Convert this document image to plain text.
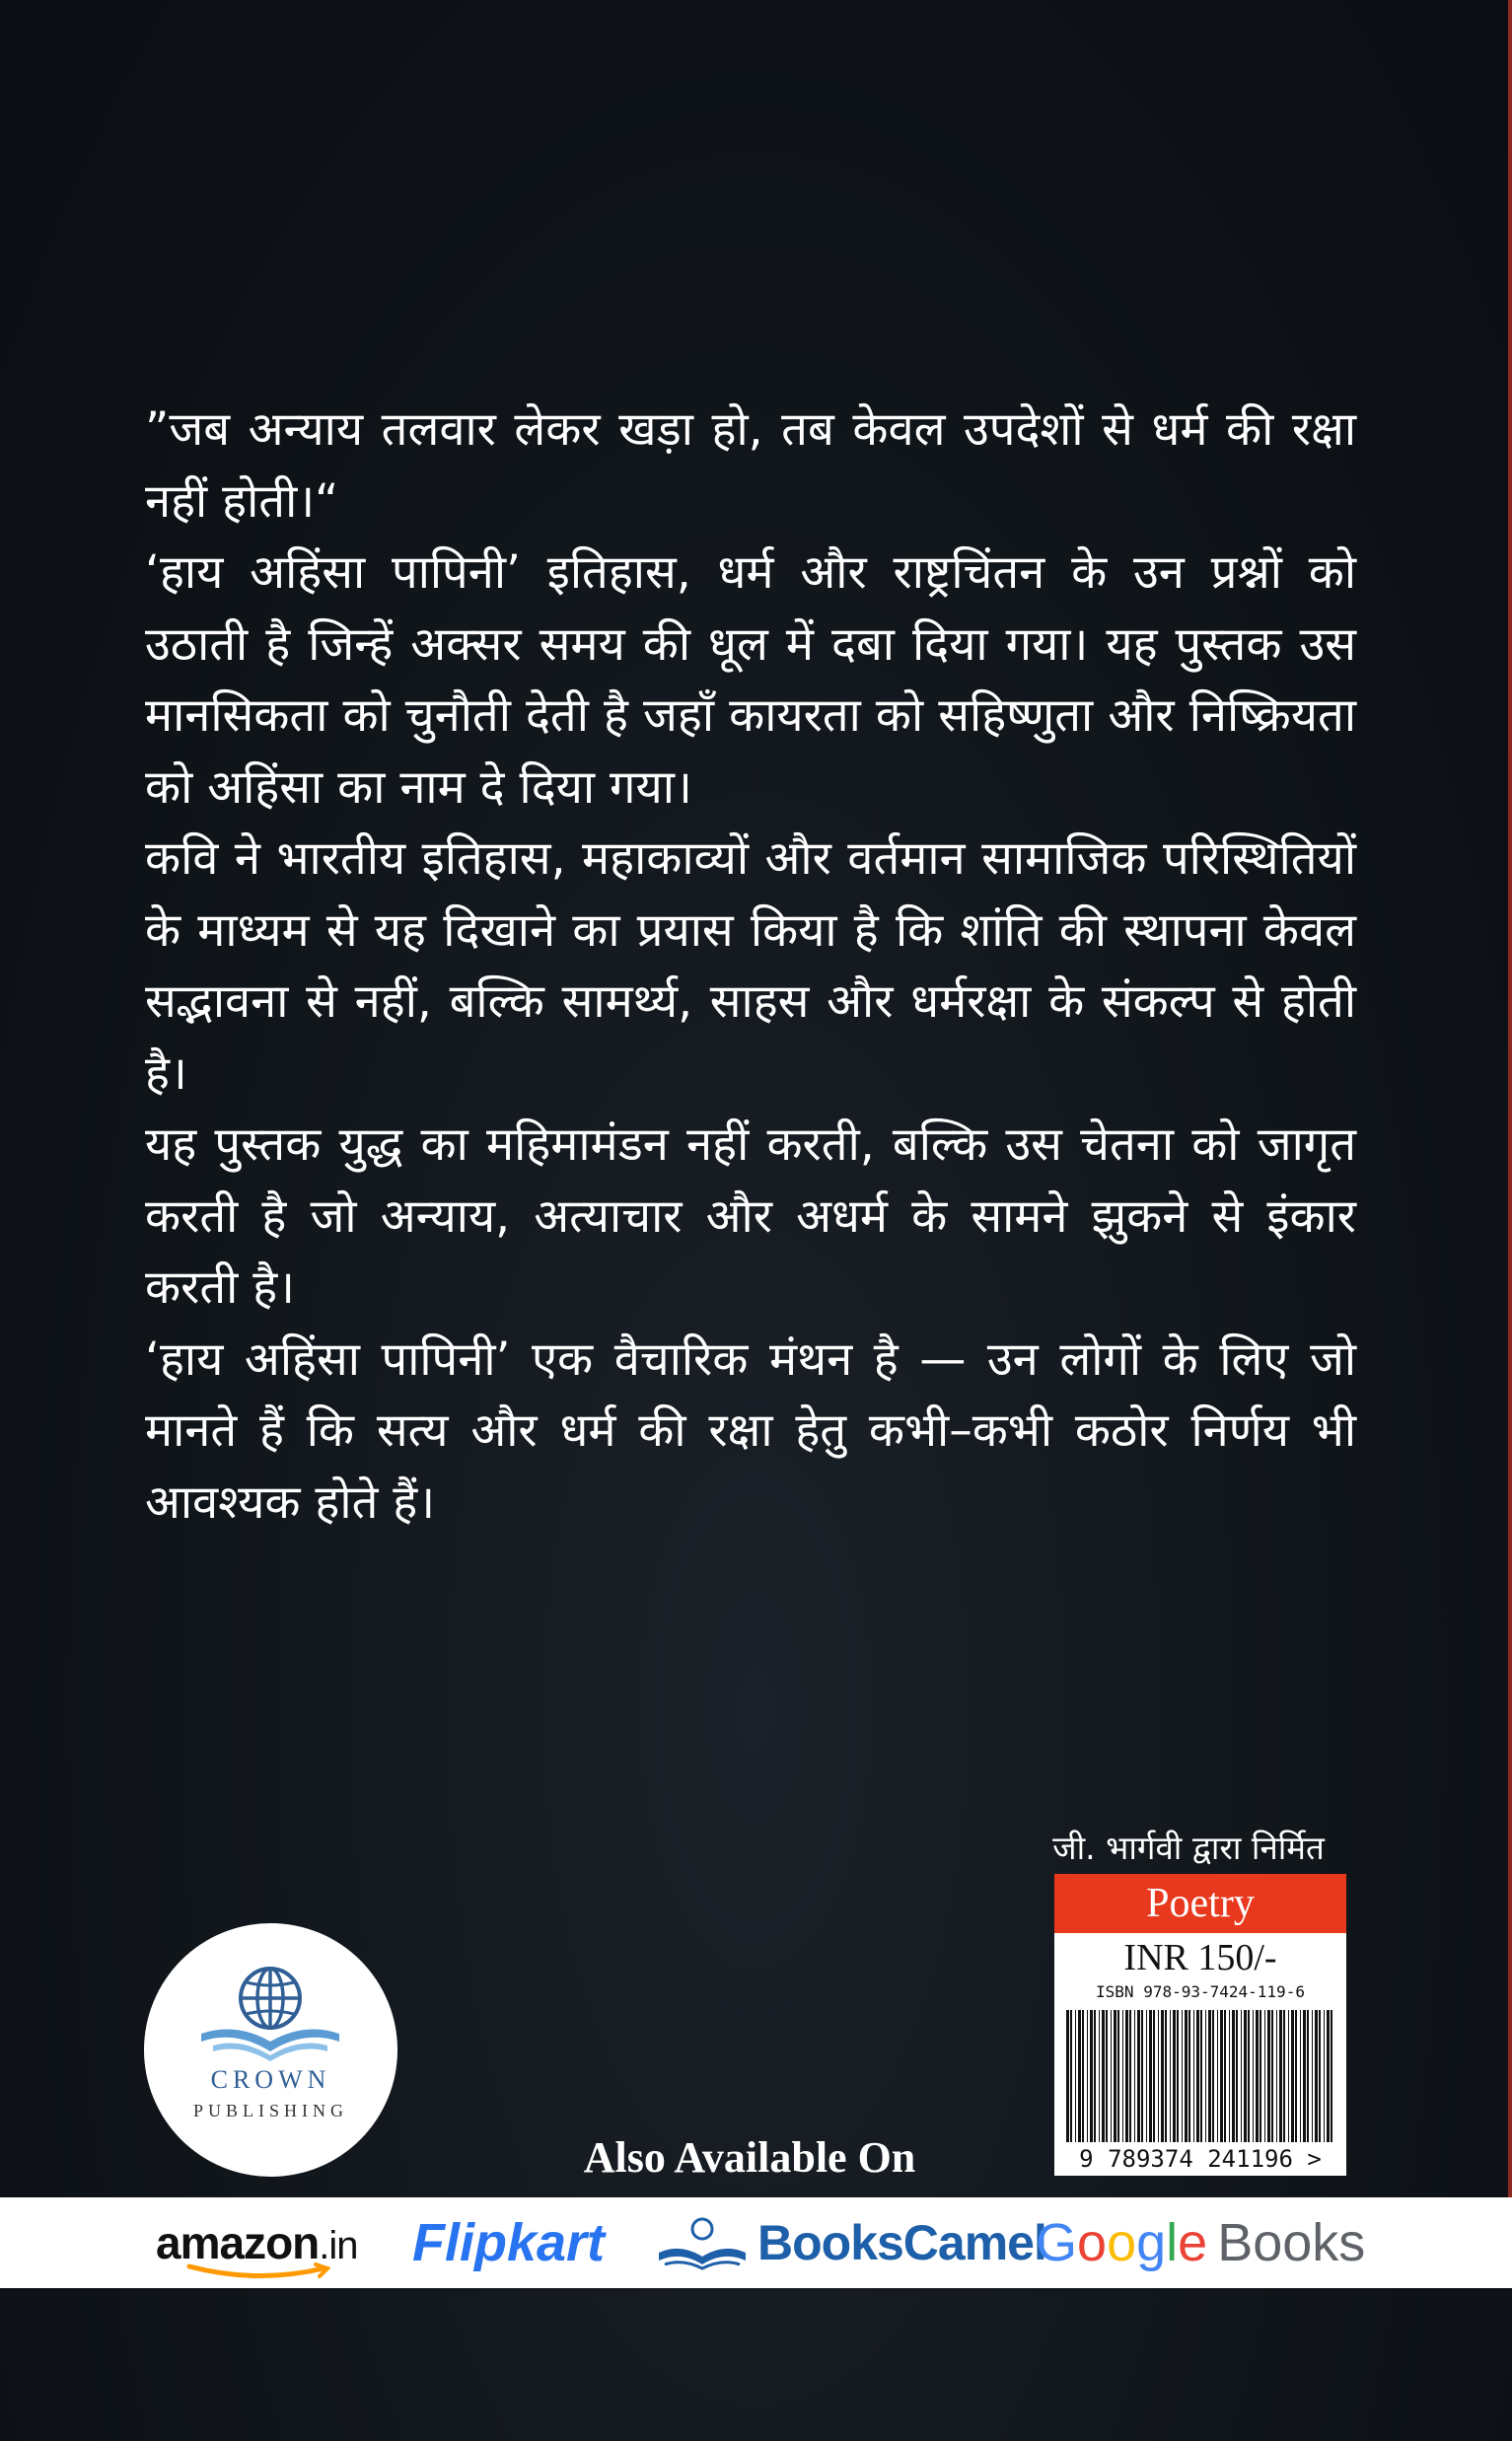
”जब अन्याय तलवार लेकर खड़ा हो, तब केवल उपदेशों से धर्म की रक्षा नहीं होती।“

‘हाय अहिंसा पापिनी’ इतिहास, धर्म और राष्ट्रचिंतन के उन प्रश्नों को उठाती है जिन्हें अक्सर समय की धूल में दबा दिया गया। यह पुस्तक उस मानसिकता को चुनौती देती है जहाँ कायरता को सहिष्णुता और निष्क्रियता को अहिंसा का नाम दे दिया गया।

कवि ने भारतीय इतिहास, महाकाव्यों और वर्तमान सामाजिक परिस्थितियों के माध्यम से यह दिखाने का प्रयास किया है कि शांति की स्थापना केवल सद्भावना से नहीं, बल्कि सामर्थ्य, साहस और धर्मरक्षा के संकल्प से होती है।

यह पुस्तक युद्ध का महिमामंडन नहीं करती, बल्कि उस चेतना को जागृत करती है जो अन्याय, अत्याचार और अधर्म के सामने झुकने से इंकार करती है।

‘हाय अहिंसा पापिनी’ एक वैचारिक मंथन है — उन लोगों के लिए जो मानते हैं कि सत्य और धर्म की रक्षा हेतु कभी–कभी कठोर निर्णय भी आवश्यक होते हैं।

जी. भार्गवी द्वारा निर्मित
Poetry
INR 150/-
ISBN 978-93-7424-119-6
9 789374 241196 >
CROWN
PUBLISHING
Also Available On
amazon.in Flipkart	BooksCamel
Google Books
